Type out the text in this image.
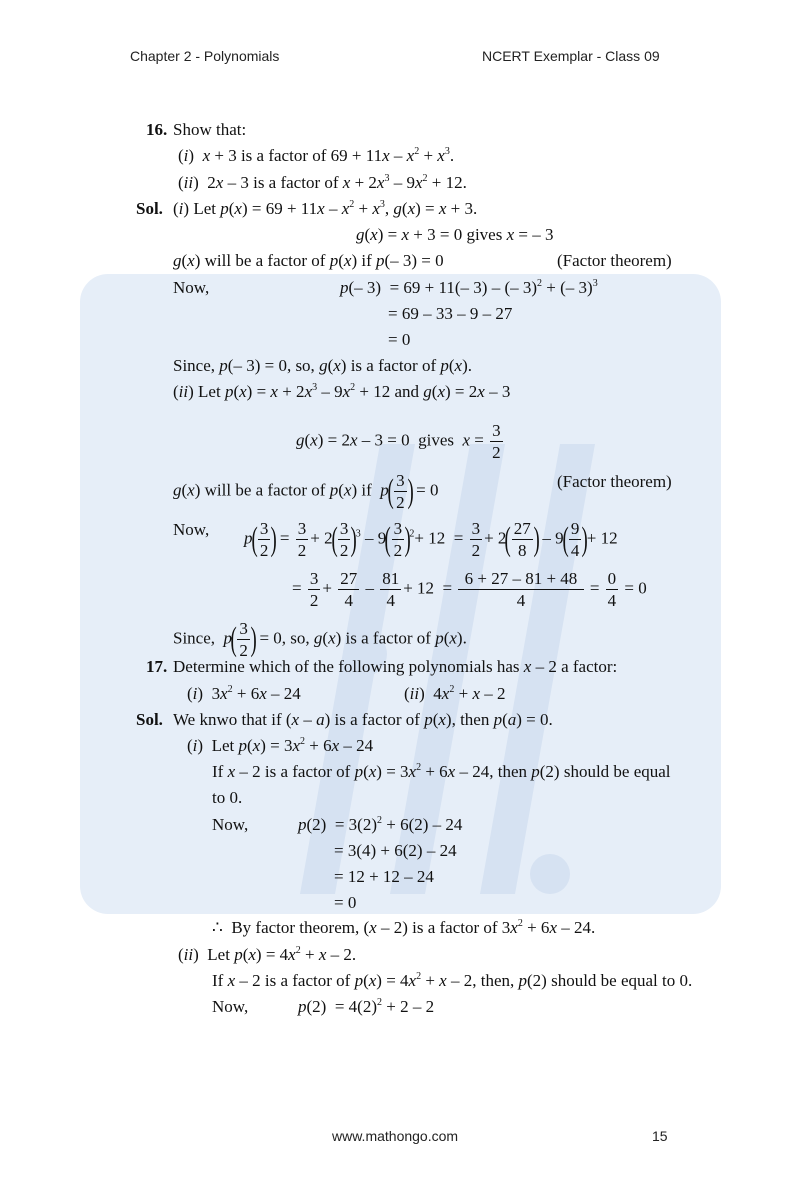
Chapter 2 - Polynomials	NCERT Exemplar - Class 09
16. Show that:
(i)  x + 3 is a factor of $69 + 11x - x^2 + x^3$.
(ii)  2x – 3 is a factor of $x + 2x^3 - 9x^2 + 12$.
Sol. (i) Let $p(x) = 69 + 11x - x^2 + x^3$, g(x) = x + 3.
g(x) = x + 3 = 0 gives x = – 3
g(x) will be a factor of p(x) if p(– 3) = 0	(Factor theorem)
Now,	p(– 3)  = 69 + 11(– 3) – (– 3)$^2$ + (– 3)$^3$
= 69 – 33 – 9 – 27
= 0
Since, p(– 3) = 0, so, g(x) is a factor of p(x).
(ii) Let $p(x) = x + 2x^3 - 9x^2 + 12$ and g(x) = 2x – 3
g(x) = 2x – 3 = 0  gives  $x = \frac{3}{2}$
g(x) will be a factor of p(x) if  $p( \frac{3}{2}$ ) = 0	(Factor theorem)
Now, $p( \frac{3}{2}$ ) = $\frac{3}{2} + 2( \frac{3}{2} )^3 - 9( \frac{3}{2} )^2+ 12 = \frac{3}{2} + 2( \frac{27}{8}$ ) – $9( \frac{9}{4}$ )+ 12
= $\frac{3}{2} + \frac{27}{4} - \frac{81}{4} + 12 = \frac{6 + 27 - 81 + 48}{4} = \frac{0}{4} = 0$
Since,  $p( \frac{3}{2}$ ) = 0, so, g(x) is a factor of p(x).
17. Determine which of the following polynomials has x – 2 a factor:
(i)  $3x^2 + 6x - 24$	(ii)  $4x^2 + x - 2$
Sol. We knwo that if (x – a) is a factor of p(x), then p(a) = 0.
(i)  Let $p(x) = 3x^2 + 6x - 24$
If x – 2 is a factor of $p(x) = 3x^2 + 6x - 24$, then p(2) should be equal
to 0.
Now,	$p(2) = 3(2)^2 + 6(2) - 24$
= 3(4) + 6(2) – 24
= 12 + 12 – 24
= 0
∴  By factor theorem, (x – 2) is a factor of $3x^2 + 6x - 24$.
(ii)  Let $p(x) = 4x^2 + x - 2$.
If x – 2 is a factor of $p(x) = 4x^2 + x - 2$, then, p(2) should be equal to 0.
Now,	$p(2) = 4(2)^2 + 2 - 2$
www.mathongo.com	15
